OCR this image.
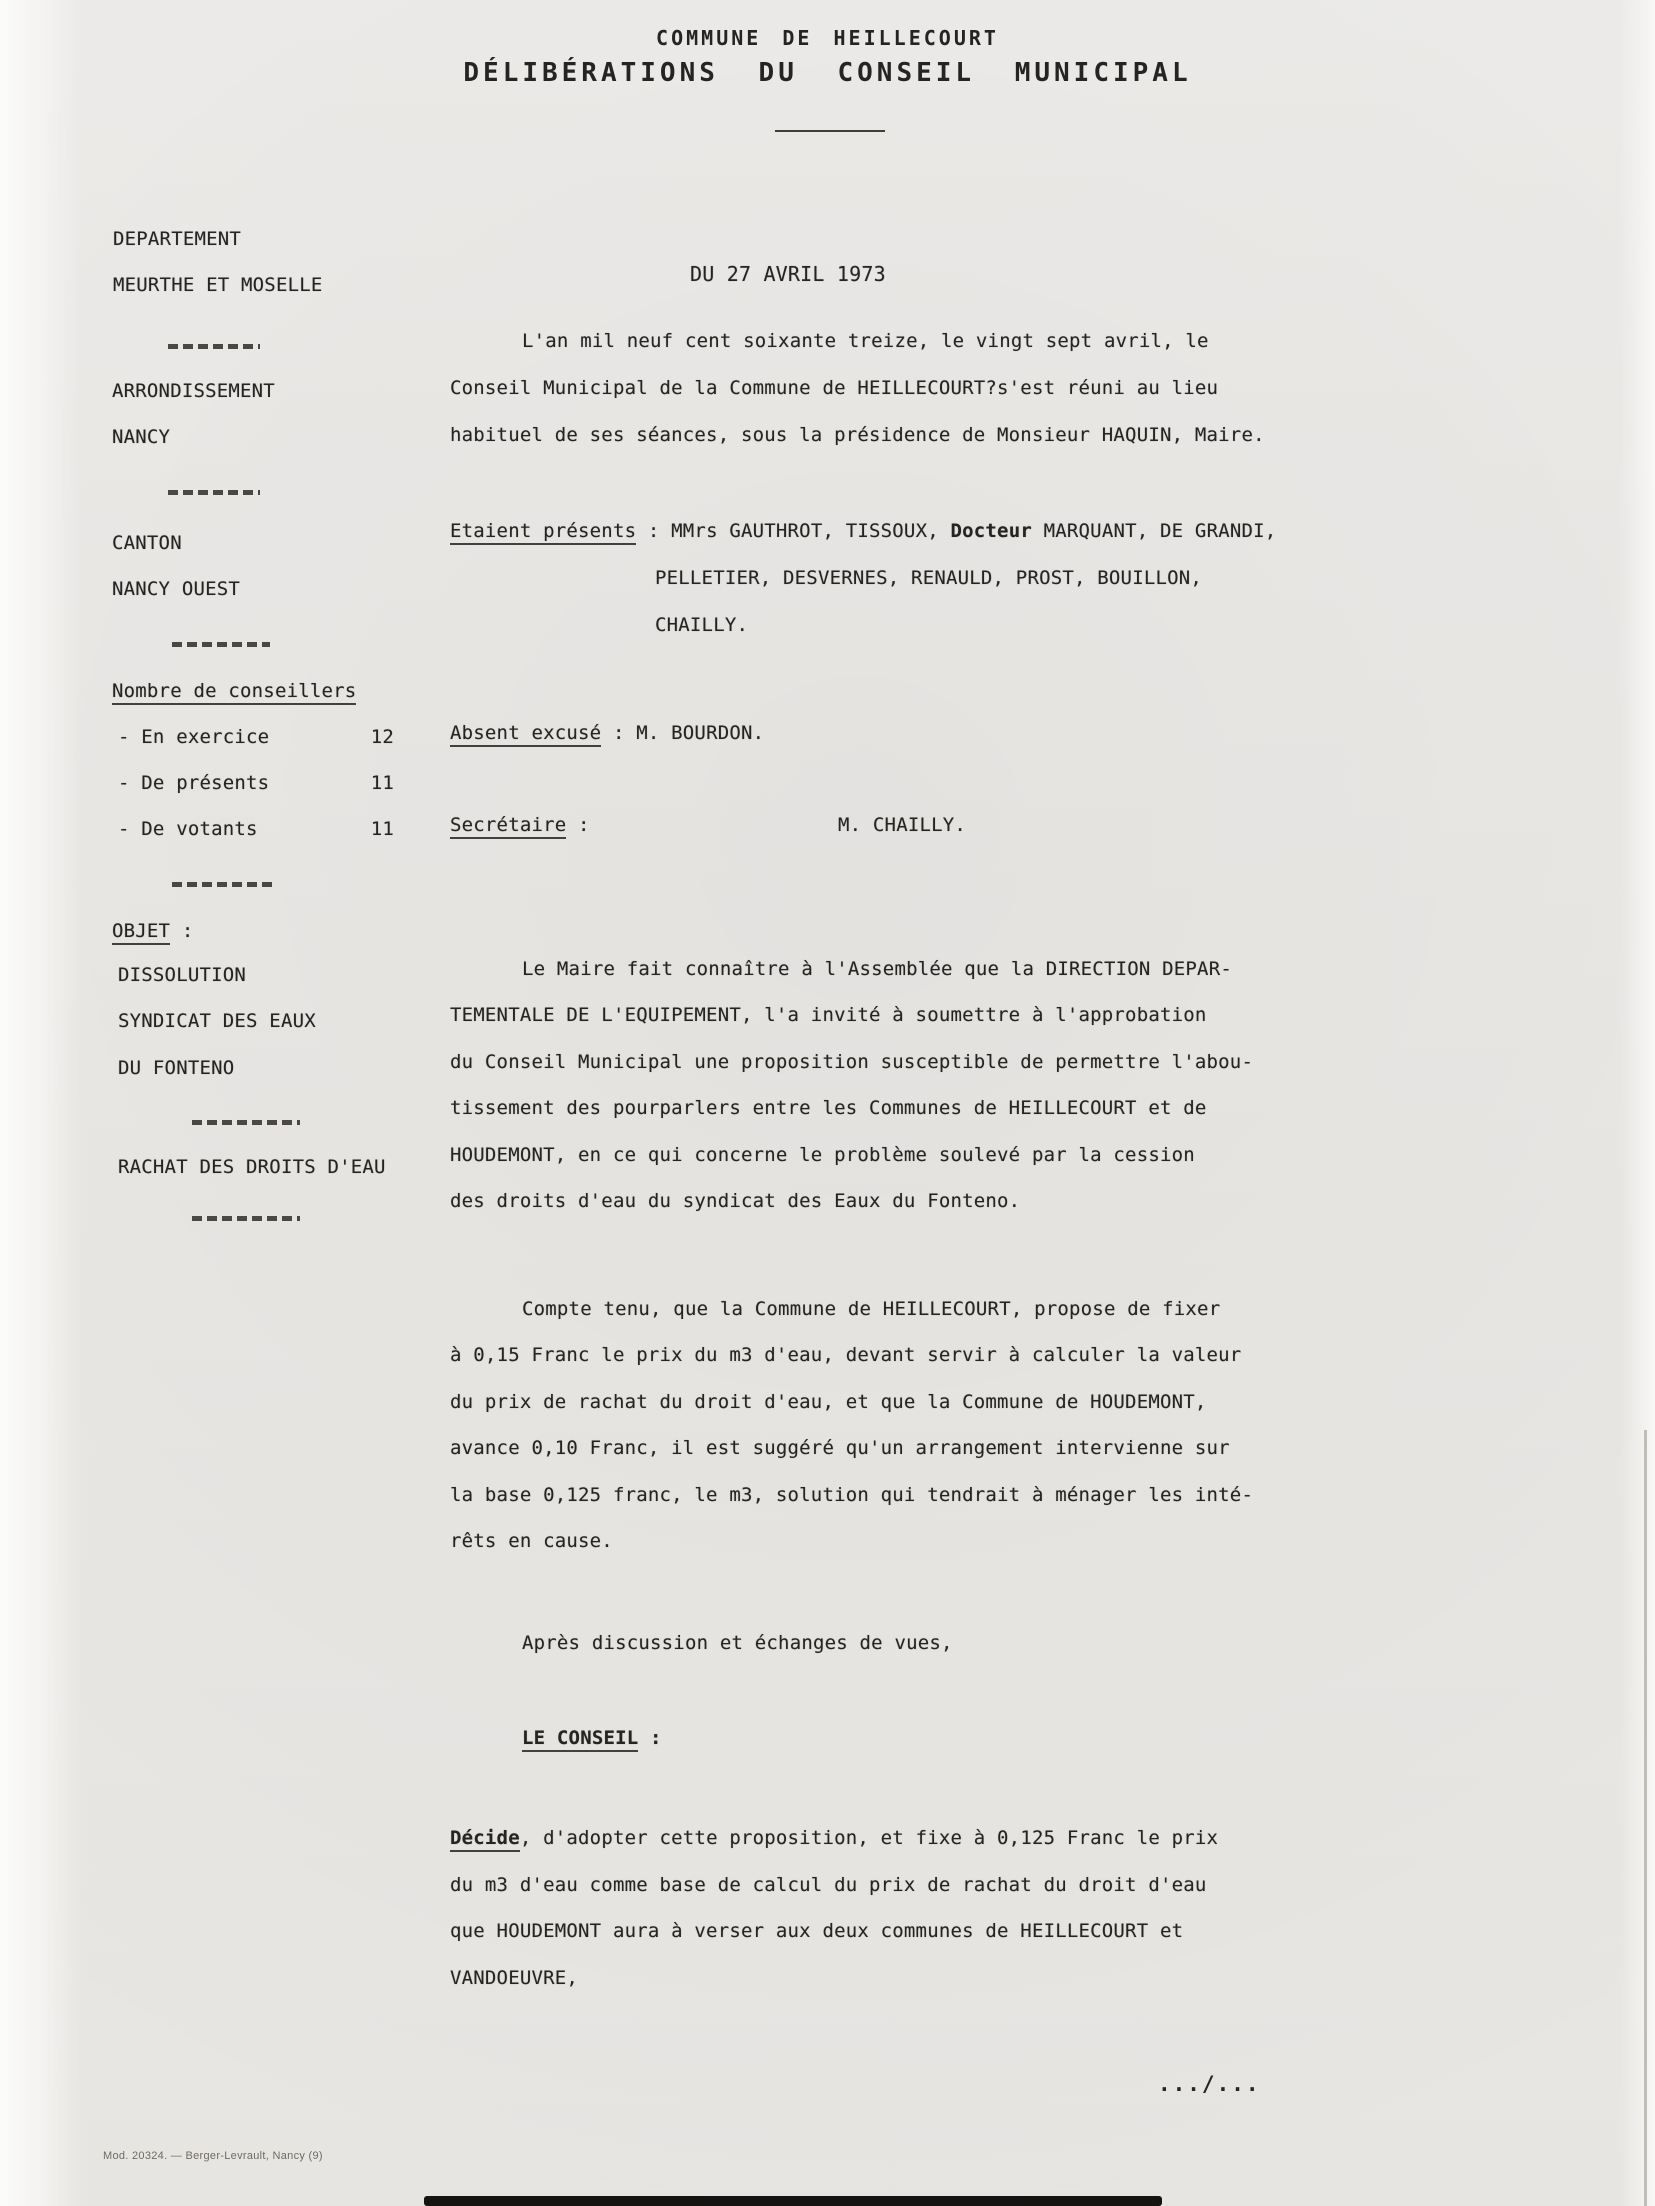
COMMUNE DE HEILLECOURT
DÉLIBÉRATIONS DU CONSEIL MUNICIPAL
DEPARTEMENT
MEURTHE ET MOSELLE
ARRONDISSEMENT
NANCY
CANTON
NANCY OUEST
Nombre de conseillers
- En exercice	12
- De présents	11
- De votants	11
OBJET :
DISSOLUTION
SYNDICAT DES EAUX
DU FONTENO
RACHAT DES DROITS D'EAU
DU 27 AVRIL 1973
L'an mil neuf cent soixante treize, le vingt sept avril, le
Conseil Municipal de la Commune de HEILLECOURT?s'est réuni au lieu
habituel de ses séances, sous la présidence de Monsieur HAQUIN, Maire.
Etaient présents : MMrs GAUTHROT, TISSOUX, Docteur MARQUANT, DE GRANDI,
PELLETIER, DESVERNES, RENAULD, PROST, BOUILLON,
CHAILLY.
Absent excusé : M. BOURDON.
Secrétaire :	M. CHAILLY.
Le Maire fait connaître à l'Assemblée que la DIRECTION DEPAR-
TEMENTALE DE L'EQUIPEMENT, l'a invité à soumettre à l'approbation
du Conseil Municipal une proposition susceptible de permettre l'abou-
tissement des pourparlers entre les Communes de HEILLECOURT et de
HOUDEMONT, en ce qui concerne le problème soulevé par la cession
des droits d'eau du syndicat des Eaux du Fonteno.
Compte tenu, que la Commune de HEILLECOURT, propose de fixer
à 0,15 Franc le prix du m3 d'eau, devant servir à calculer la valeur
du prix de rachat du droit d'eau, et que la Commune de HOUDEMONT,
avance 0,10 Franc, il est suggéré qu'un arrangement intervienne sur
la base 0,125 franc, le m3, solution qui tendrait à ménager les inté-
rêts en cause.
Après discussion et échanges de vues,
LE CONSEIL :
Décide, d'adopter cette proposition, et fixe à 0,125 Franc le prix
du m3 d'eau comme base de calcul du prix de rachat du droit d'eau
que HOUDEMONT aura à verser aux deux communes de HEILLECOURT et
VANDOEUVRE,
.../...
Mod. 20324. — Berger-Levrault, Nancy (9)
